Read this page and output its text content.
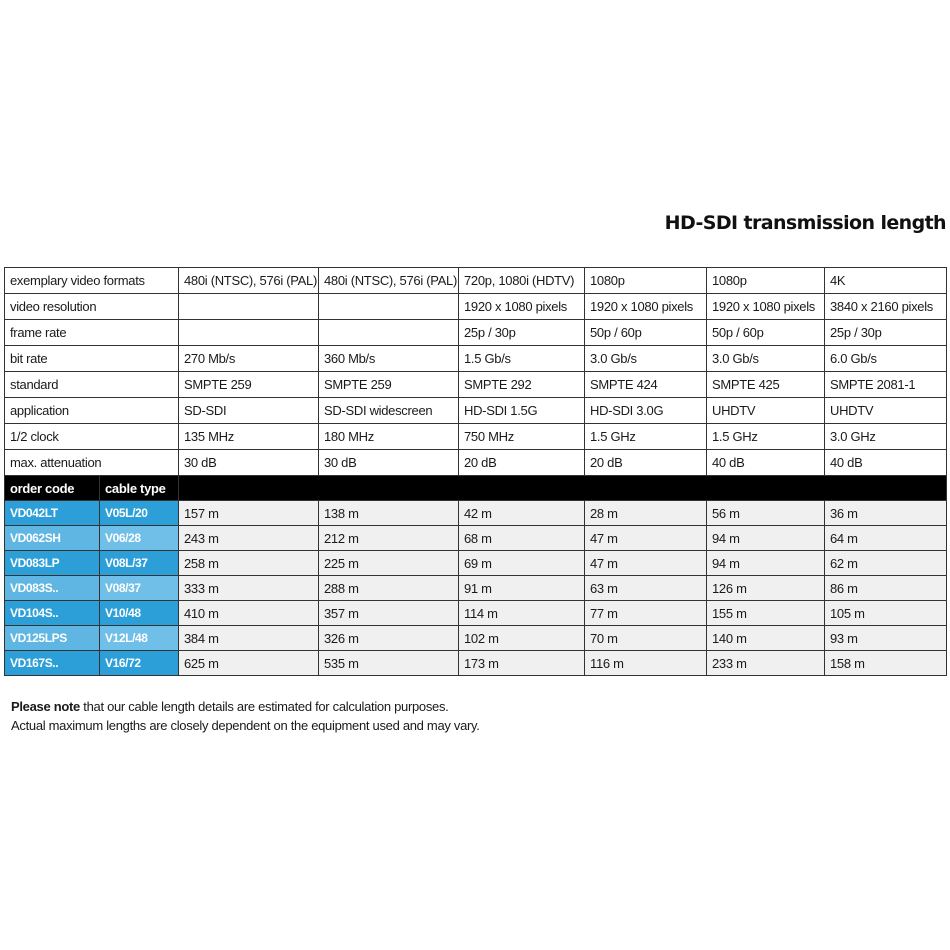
HD-SDI transmission length
exemplary video formats		480i (NTSC), 576i (PAL)	480i (NTSC), 576i (PAL)	720p, 1080i (HDTV)	1080p	1080p	4K
video resolution				1920 x 1080 pixels	1920 x 1080 pixels	1920 x 1080 pixels	3840 x 2160 pixels
frame rate				25p / 30p	50p / 60p	50p / 60p	25p / 30p
bit rate		270 Mb/s	360 Mb/s	1.5 Gb/s	3.0 Gb/s	3.0 Gb/s	6.0 Gb/s
standard		SMPTE 259	SMPTE 259	SMPTE 292	SMPTE 424	SMPTE 425	SMPTE 2081-1
application		SD-SDI	SD-SDI widescreen	HD-SDI 1.5G	HD-SDI 3.0G	UHDTV	UHDTV
1/2 clock		135 MHz	180 MHz	750 MHz	1.5 GHz	1.5 GHz	3.0 GHz
max. attenuation		30 dB	30 dB	20 dB	20 dB	40 dB	40 dB
order code	cable type						
VD042LT	V05L/20	157 m	138 m	42 m	28 m	56 m	36 m
VD062SH	V06/28	243 m	212 m	68 m	47 m	94 m	64 m
VD083LP	V08L/37	258 m	225 m	69 m	47 m	94 m	62 m
VD083S..	V08/37	333 m	288 m	91 m	63 m	126 m	86 m
VD104S..	V10/48	410 m	357 m	114 m	77 m	155 m	105 m
VD125LPS	V12L/48	384 m	326 m	102 m	70 m	140 m	93 m
VD167S..	V16/72	625 m	535 m	173 m	116 m	233 m	158 m
Please note that our cable length details are estimated for calculation purposes.
Actual maximum lengths are closely dependent on the equipment used and may vary.
